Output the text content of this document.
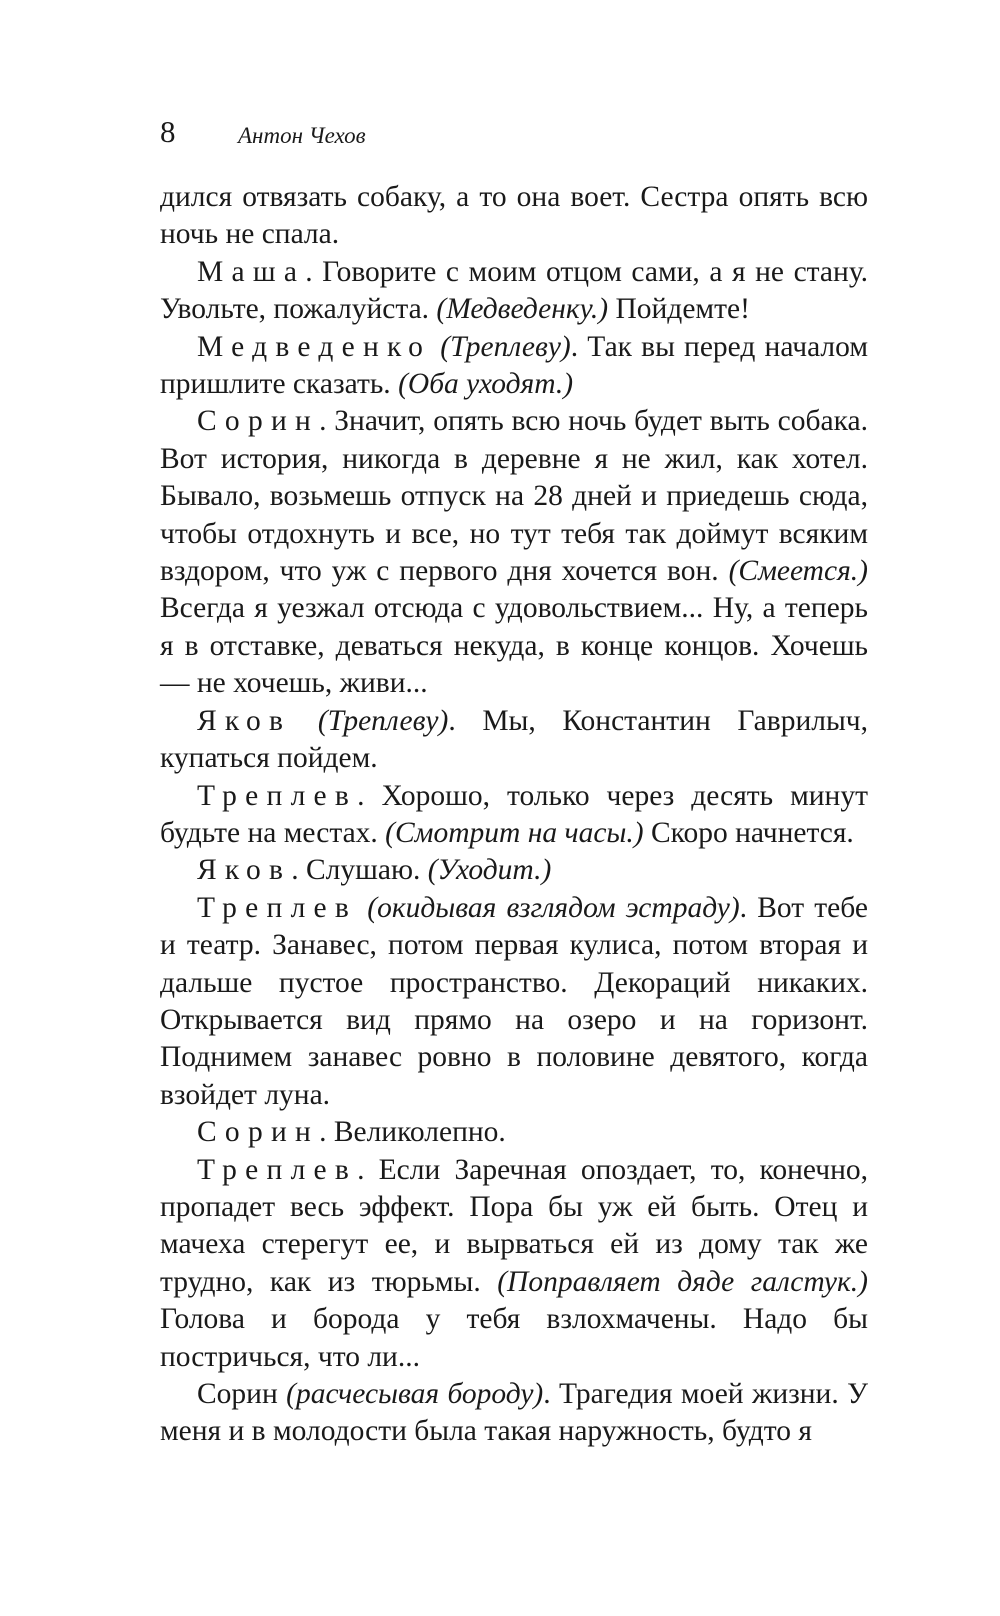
8	Антон Чехов

дился отвязать собаку, а то она воет. Сестра опять всю ночь не спала.

Маша. Говорите с моим отцом сами, а я не стану. Увольте, пожалуйста. (Медведенку.) Пойдемте!

Медведенко (Треплеву). Так вы перед началом пришлите сказать. (Оба уходят.)

Сорин. Значит, опять всю ночь будет выть собака. Вот история, никогда в деревне я не жил, как хотел. Бывало, возьмешь отпуск на 28 дней и приедешь сюда, чтобы отдохнуть и все, но тут тебя так доймут всяким вздором, что уж с первого дня хочется вон. (Смеется.) Всегда я уезжал отсюда с удовольствием... Ну, а теперь я в отставке, деваться некуда, в конце концов. Хочешь — не хочешь, живи...

Яков (Треплеву). Мы, Константин Гаврилыч, купаться пойдем.

Треплев. Хорошо, только через десять минут будьте на местах. (Смотрит на часы.) Скоро начнется.

Яков. Слушаю. (Уходит.)

Треплев (окидывая взглядом эстраду). Вот тебе и театр. Занавес, потом первая кулиса, потом вторая и дальше пустое пространство. Декораций никаких. Открывается вид прямо на озеро и на горизонт. Поднимем занавес ровно в половине девятого, когда взойдет луна.

Сорин. Великолепно.

Треплев. Если Заречная опоздает, то, конечно, пропадет весь эффект. Пора бы уж ей быть. Отец и мачеха стерегут ее, и вырваться ей из дому так же трудно, как из тюрьмы. (Поправляет дяде галстук.) Голова и борода у тебя взлохмачены. Надо бы постричься, что ли...

Сорин (расчесывая бороду). Трагедия моей жизни. У меня и в молодости была такая наружность, будто я
